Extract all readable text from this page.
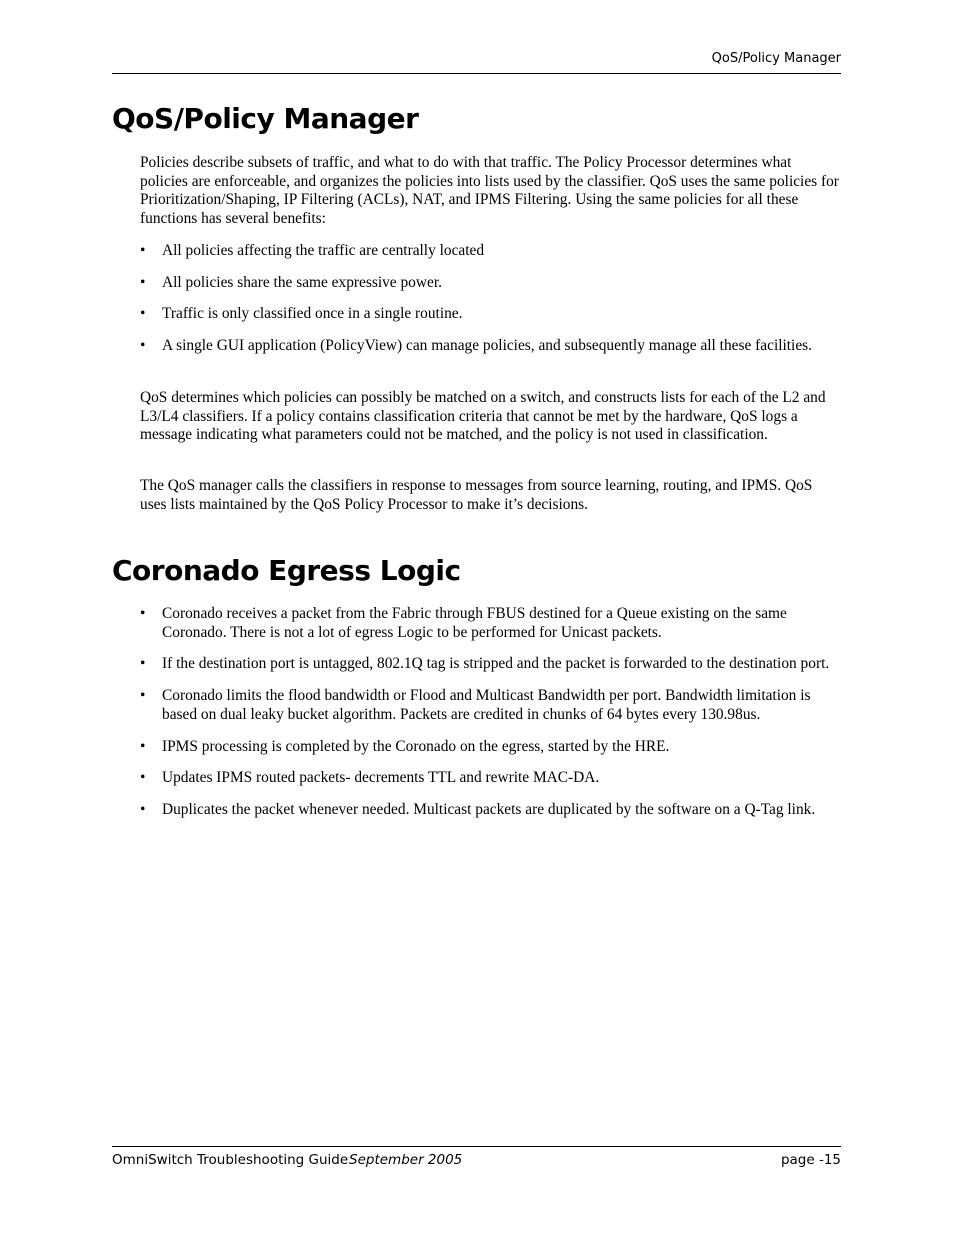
QoS/Policy Manager
QoS/Policy Manager

Policies describe subsets of traffic, and what to do with that traffic. The Policy Processor determines what policies are enforceable, and organizes the policies into lists used by the classifier. QoS uses the same policies for Prioritization/Shaping, IP Filtering (ACLs), NAT, and IPMS Filtering. Using the same policies for all these functions has several benefits:

• All policies affecting the traffic are centrally located
• All policies share the same expressive power.
• Traffic is only classified once in a single routine.
• A single GUI application (PolicyView) can manage policies, and subsequently manage all these facilities.

QoS determines which policies can possibly be matched on a switch, and constructs lists for each of the L2 and L3/L4 classifiers. If a policy contains classification criteria that cannot be met by the hardware, QoS logs a message indicating what parameters could not be matched, and the policy is not used in classification.

The QoS manager calls the classifiers in response to messages from source learning, routing, and IPMS. QoS uses lists maintained by the QoS Policy Processor to make it’s decisions.

Coronado Egress Logic
• Coronado receives a packet from the Fabric through FBUS destined for a Queue existing on the same Coronado. There is not a lot of egress Logic to be performed for Unicast packets.
• If the destination port is untagged, 802.1Q tag is stripped and the packet is forwarded to the destination port.
• Coronado limits the flood bandwidth or Flood and Multicast Bandwidth per port. Bandwidth limitation is based on dual leaky bucket algorithm. Packets are credited in chunks of 64 bytes every 130.98us.
• IPMS processing is completed by the Coronado on the egress, started by the HRE.
• Updates IPMS routed packets- decrements TTL and rewrite MAC-DA.
• Duplicates the packet whenever needed. Multicast packets are duplicated by the software on a Q-Tag link.
OmniSwitch Troubleshooting Guide September 2005	page -15
